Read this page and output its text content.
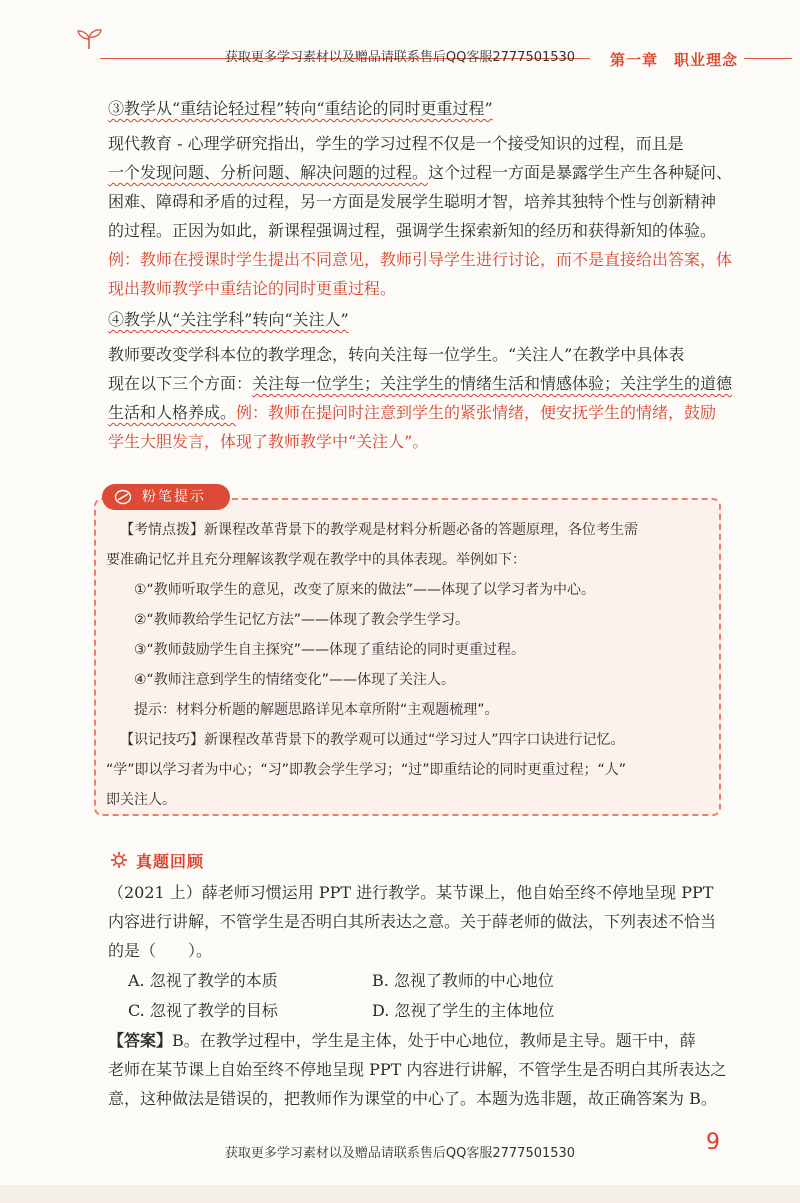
获取更多学习素材以及赠品请联系售后QQ客服2777501530	第一章　职业理念

③教学从“重结论轻过程”转向“重结论的同时更重过程”

现代教育 - 心理学研究指出，学生的学习过程不仅是一个接受知识的过程，而且是

一个发现问题、分析问题、解决问题的过程。这个过程一方面是暴露学生产生各种疑问、

困难、障碍和矛盾的过程，另一方面是发展学生聪明才智，培养其独特个性与创新精神

的过程。正因为如此，新课程强调过程，强调学生探索新知的经历和获得新知的体验。

例：教师在授课时学生提出不同意见，教师引导学生进行讨论，而不是直接给出答案，体现出教师教学中重结论的同时更重过程。

④教学从“关注学科”转向“关注人”

教师要改变学科本位的教学理念，转向关注每一位学生。“关注人”在教学中具体表

现在以下三个方面：关注每一位学生；关注学生的情绪生活和情感体验；关注学生的道德

生活和人格养成。例：教师在提问时注意到学生的紧张情绪，便安抚学生的情绪，鼓励

学生大胆发言，体现了教师教学中“关注人”。

粉笔提示

【考情点拨】新课程改革背景下的教学观是材料分析题必备的答题原理，各位考生需

要准确记忆并且充分理解该教学观在教学中的具体表现。举例如下：

①“教师听取学生的意见，改变了原来的做法”——体现了以学习者为中心。

②“教师教给学生记忆方法”——体现了教会学生学习。

③“教师鼓励学生自主探究”——体现了重结论的同时更重过程。

④“教师注意到学生的情绪变化”——体现了关注人。

提示：材料分析题的解题思路详见本章所附“主观题梳理”。

【识记技巧】新课程改革背景下的教学观可以通过“学习过人”四字口诀进行记忆。

“学”即以学习者为中心；“习”即教会学生学习；“过”即重结论的同时更重过程；“人”

即关注人。

真题回顾

（2021 上）薛老师习惯运用 PPT 进行教学。某节课上，他自始至终不停地呈现 PPT

内容进行讲解，不管学生是否明白其所表达之意。关于薛老师的做法，下列表述不恰当

的是（　　）。

A. 忽视了教学的本质	B. 忽视了教师的中心地位
C. 忽视了教学的目标	D. 忽视了学生的主体地位

【答案】B。在教学过程中，学生是主体，处于中心地位，教师是主导。题干中，薛

老师在某节课上自始至终不停地呈现 PPT 内容进行讲解，不管学生是否明白其所表达之

意，这种做法是错误的，把教师作为课堂的中心了。本题为选非题，故正确答案为 B。

9
获取更多学习素材以及赠品请联系售后QQ客服2777501530
